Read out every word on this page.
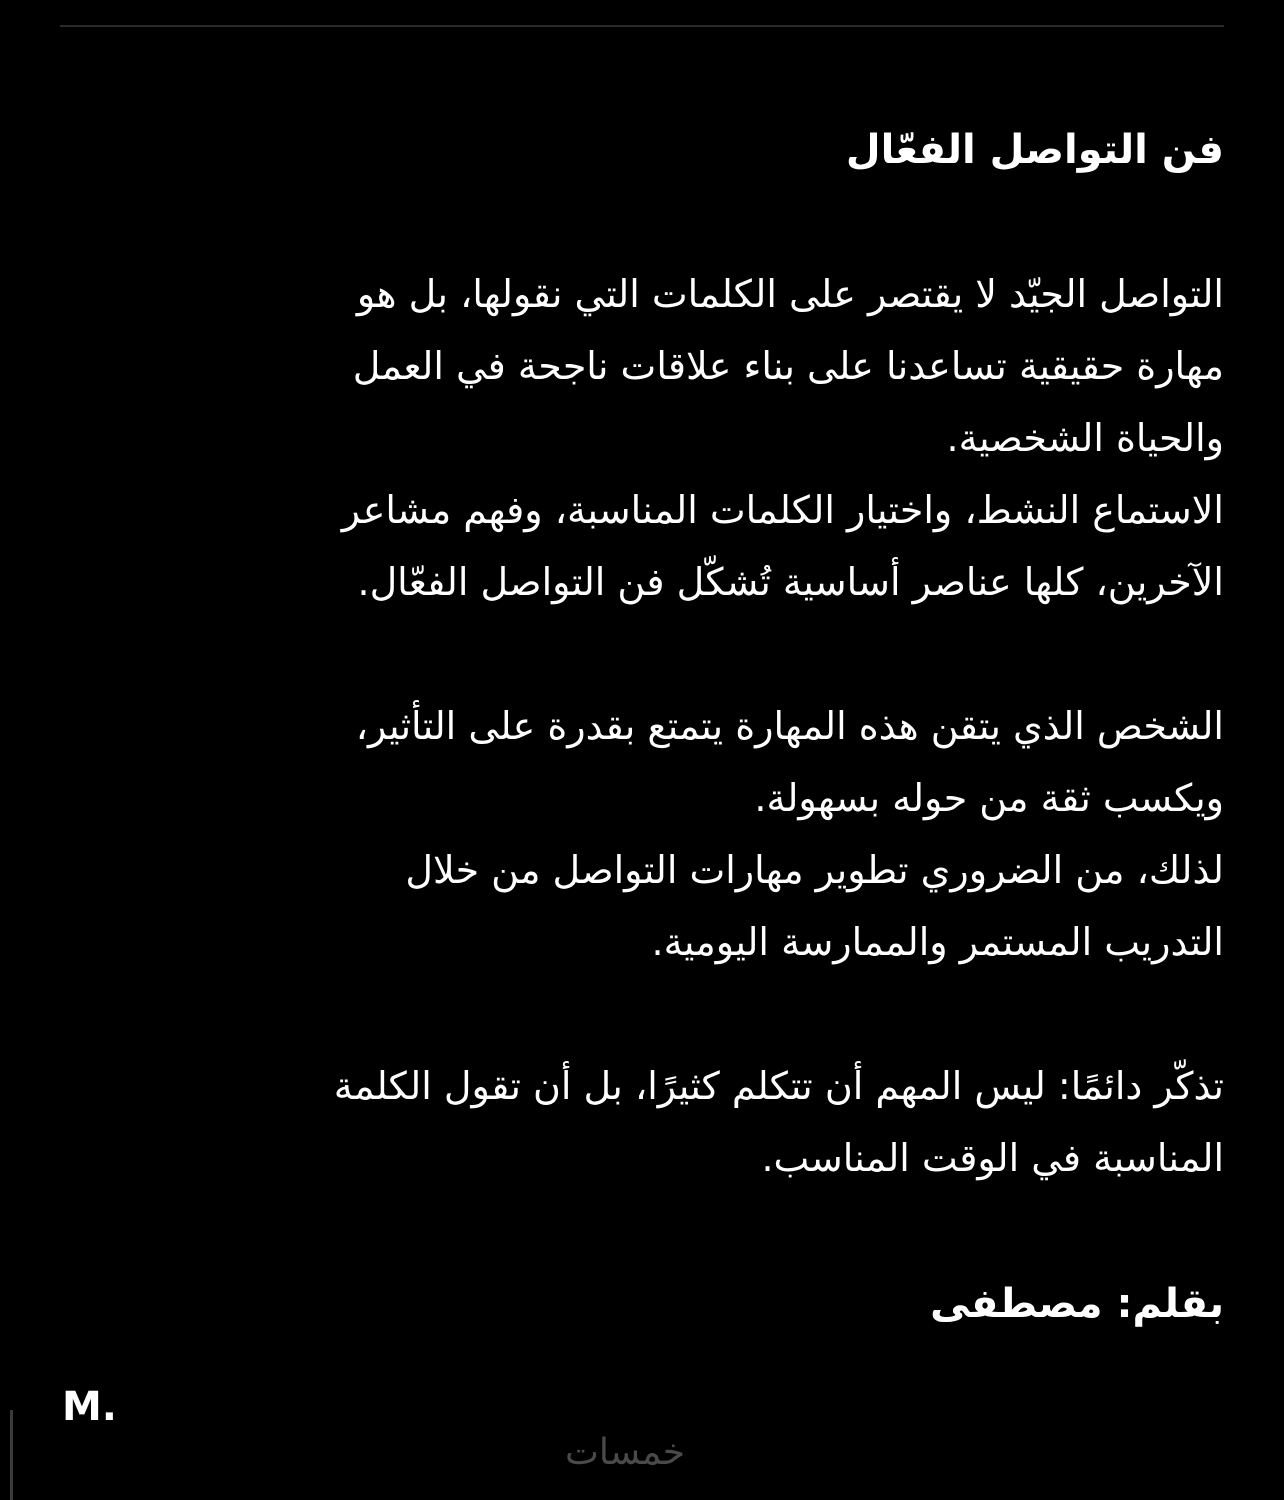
فن التواصل الفعّال

التواصل الجيّد لا يقتصر على الكلمات التي نقولها، بل هو

مهارة حقيقية تساعدنا على بناء علاقات ناجحة في العمل

والحياة الشخصية.

الاستماع النشط، واختيار الكلمات المناسبة، وفهم مشاعر

الآخرين، كلها عناصر أساسية تُشكّل فن التواصل الفعّال.

الشخص الذي يتقن هذه المهارة يتمتع بقدرة على التأثير،

ويكسب ثقة من حوله بسهولة.

لذلك، من الضروري تطوير مهارات التواصل من خلال

التدريب المستمر والممارسة اليومية.

تذكّر دائمًا: ليس المهم أن تتكلم كثيرًا، بل أن تقول الكلمة

المناسبة في الوقت المناسب.

بقلم: مصطفى

M.
خمسات
